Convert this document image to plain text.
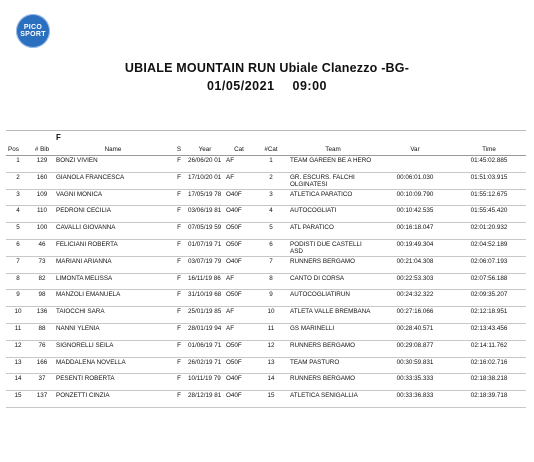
PICO
SPORT
UBIALE MOUNTAIN RUN Ubiale Clanezzo -BG-
01/05/2021 09:00
		F							
Pos	# Bib	Name	S	Year	Cat	#Cat	Team	Var	Time
1	129	BONZI VIVIEN	F	26/06/20 01	AF	1	TEAM GAREEN BE A HERO		01:45:02.885
2	160	GIANOLA FRANCESCA	F	17/10/20 01	AF	2	GR. ESCURS. FALCHI OLGINATESI	00:06:01.030	01:51:03.915
3	109	VAGNI MONICA	F	17/05/19 78	O40F	3	ATLETICA PARATICO	00:10:09.790	01:55:12.675
4	110	PEDRONI CECILIA	F	03/06/19 81	O40F	4	AUTOCOGLIATI	00:10:42.535	01:55:45.420
5	100	CAVALLI GIOVANNA	F	07/05/19 59	O50F	5	ATL PARATICO	00:16:18.047	02:01:20.932
6	46	FELICIANI ROBERTA	F	01/07/19 71	O50F	6	PODISTI DUE CASTELLI ASD	00:19:49.304	02:04:52.189
7	73	MARIANI ARIANNA	F	03/07/19 79	O40F	7	RUNNERS BERGAMO	00:21:04.308	02:06:07.193
8	82	LIMONTA MELISSA	F	16/11/19 86	AF	8	CANTO DI CORSA	00:22:53.303	02:07:56.188
9	98	MANZOLI EMANUELA	F	31/10/19 68	O50F	9	AUTOCOGLIATIRUN	00:24:32.322	02:09:35.207
10	136	TAIOCCHI SARA	F	25/01/19 85	AF	10	ATLETA VALLE BREMBANA	00:27:16.066	02:12:18.951
11	88	NANNI YLENIA	F	28/01/19 94	AF	11	GS MARINELLI	00:28:40.571	02:13:43.456
12	76	SIGNORELLI SEILA	F	01/06/19 71	O50F	12	RUNNERS BERGAMO	00:29:08.877	02:14:11.762
13	166	MADDALENA NOVELLA	F	26/02/19 71	O50F	13	TEAM PASTURO	00:30:59.831	02:16:02.716
14	37	PESENTI ROBERTA	F	10/11/19 79	O40F	14	RUNNERS BERGAMO	00:33:35.333	02:18:38.218
15	137	PONZETTI CINZIA	F	28/12/19 81	O40F	15	ATLETICA SENIGALLIA	00:33:36.833	02:18:39.718
